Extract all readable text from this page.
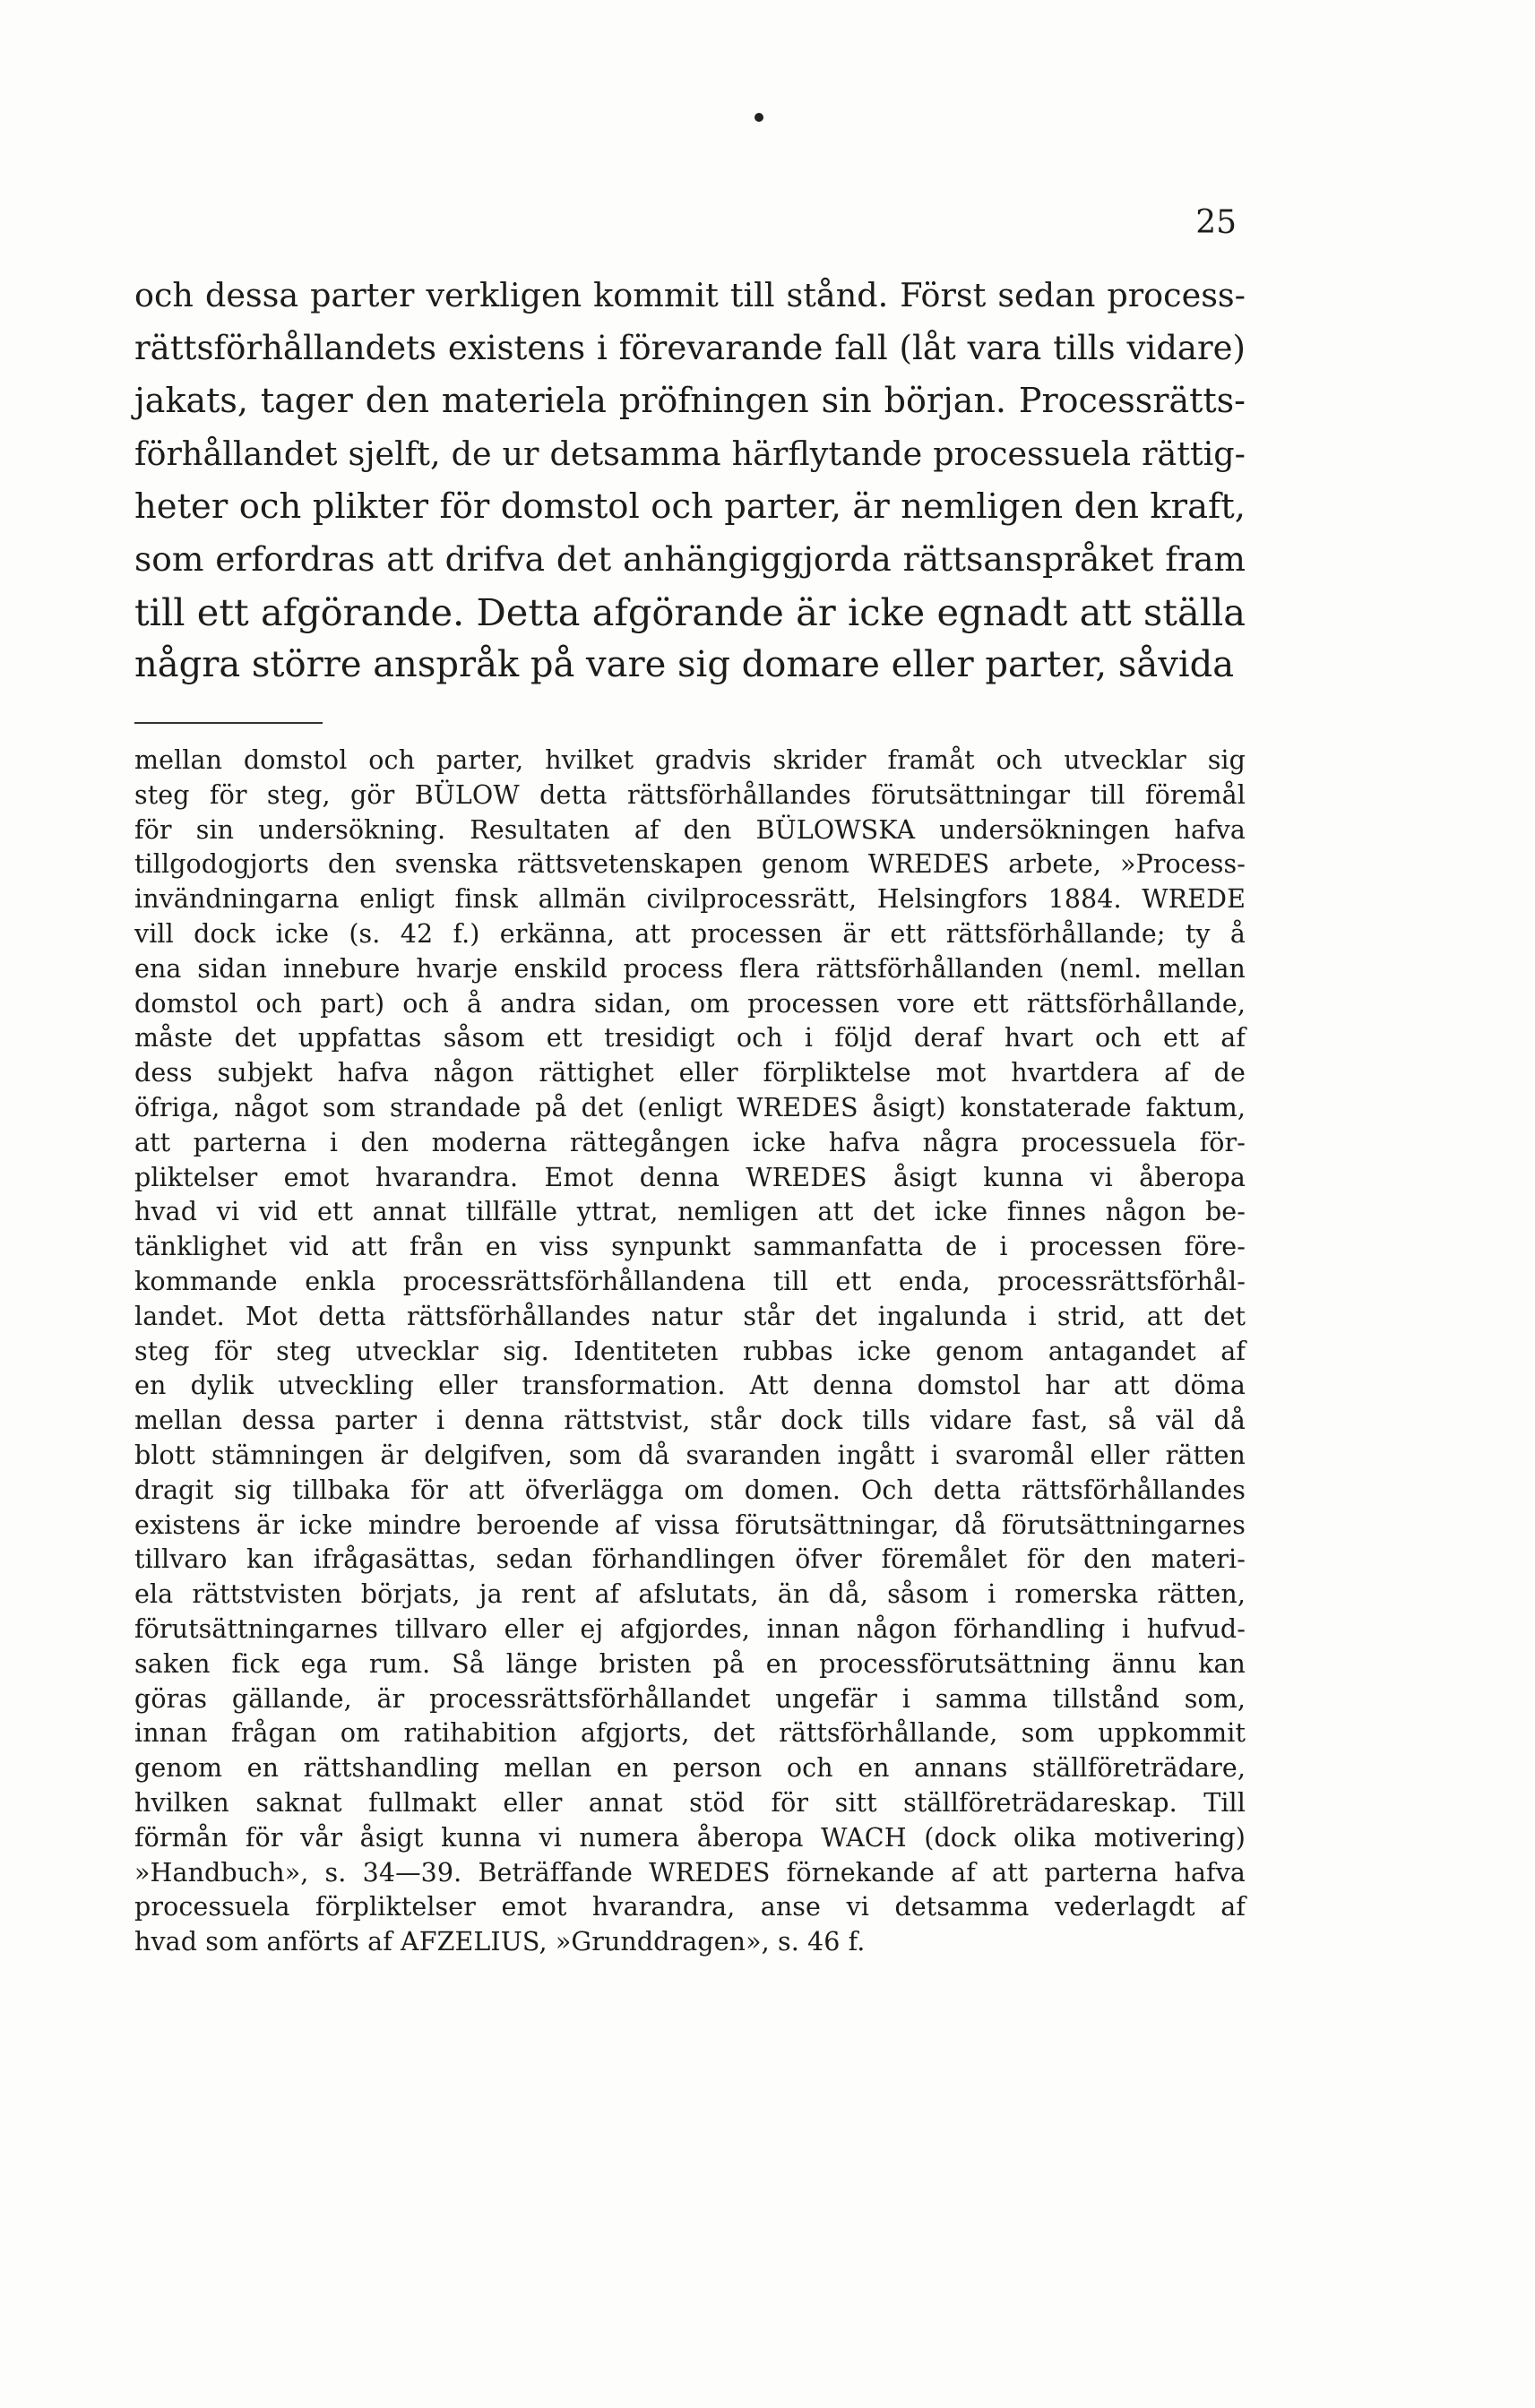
25
och dessa parter verkligen kommit till stånd. Först sedan process-
rättsförhållandets existens i förevarande fall (låt vara tills vidare)
jakats, tager den materiela pröfningen sin början. Processrätts-
förhållandet sjelft, de ur detsamma härflytande processuela rättig-
heter och plikter för domstol och parter, är nemligen den kraft,
som erfordras att drifva det anhängiggjorda rättsanspråket fram
till ett afgörande. Detta afgörande är icke egnadt att ställa
några större anspråk på vare sig domare eller parter, såvida
mellan domstol och parter, hvilket gradvis skrider framåt och utvecklar sig
steg för steg, gör BÜLOW detta rättsförhållandes förutsättningar till föremål
för sin undersökning. Resultaten af den BÜLOWSKA undersökningen hafva
tillgodogjorts den svenska rättsvetenskapen genom WREDES arbete, »Process-
invändningarna enligt finsk allmän civilprocessrätt, Helsingfors 1884. WREDE
vill dock icke (s. 42 f.) erkänna, att processen är ett rättsförhållande; ty å
ena sidan innebure hvarje enskild process flera rättsförhållanden (neml. mellan
domstol och part) och å andra sidan, om processen vore ett rättsförhållande,
måste det uppfattas såsom ett tresidigt och i följd deraf hvart och ett af
dess subjekt hafva någon rättighet eller förpliktelse mot hvartdera af de
öfriga, något som strandade på det (enligt WREDES åsigt) konstaterade faktum,
att parterna i den moderna rättegången icke hafva några processuela för-
pliktelser emot hvarandra. Emot denna WREDES åsigt kunna vi åberopa
hvad vi vid ett annat tillfälle yttrat, nemligen att det icke finnes någon be-
tänklighet vid att från en viss synpunkt sammanfatta de i processen före-
kommande enkla processrättsförhållandena till ett enda, processrättsförhål-
landet. Mot detta rättsförhållandes natur står det ingalunda i strid, att det
steg för steg utvecklar sig. Identiteten rubbas icke genom antagandet af
en dylik utveckling eller transformation. Att denna domstol har att döma
mellan dessa parter i denna rättstvist, står dock tills vidare fast, så väl då
blott stämningen är delgifven, som då svaranden ingått i svaromål eller rätten
dragit sig tillbaka för att öfverlägga om domen. Och detta rättsförhållandes
existens är icke mindre beroende af vissa förutsättningar, då förutsättningarnes
tillvaro kan ifrågasättas, sedan förhandlingen öfver föremålet för den materi-
ela rättstvisten börjats, ja rent af afslutats, än då, såsom i romerska rätten,
förutsättningarnes tillvaro eller ej afgjordes, innan någon förhandling i hufvud-
saken fick ega rum. Så länge bristen på en processförutsättning ännu kan
göras gällande, är processrättsförhållandet ungefär i samma tillstånd som,
innan frågan om ratihabition afgjorts, det rättsförhållande, som uppkommit
genom en rättshandling mellan en person och en annans ställföreträdare,
hvilken saknat fullmakt eller annat stöd för sitt ställföreträdareskap. Till
förmån för vår åsigt kunna vi numera åberopa WACH (dock olika motivering)
»Handbuch», s. 34—39. Beträffande WREDES förnekande af att parterna hafva
processuela förpliktelser emot hvarandra, anse vi detsamma vederlagdt af
hvad som anförts af AFZELIUS, »Grunddragen», s. 46 f.
